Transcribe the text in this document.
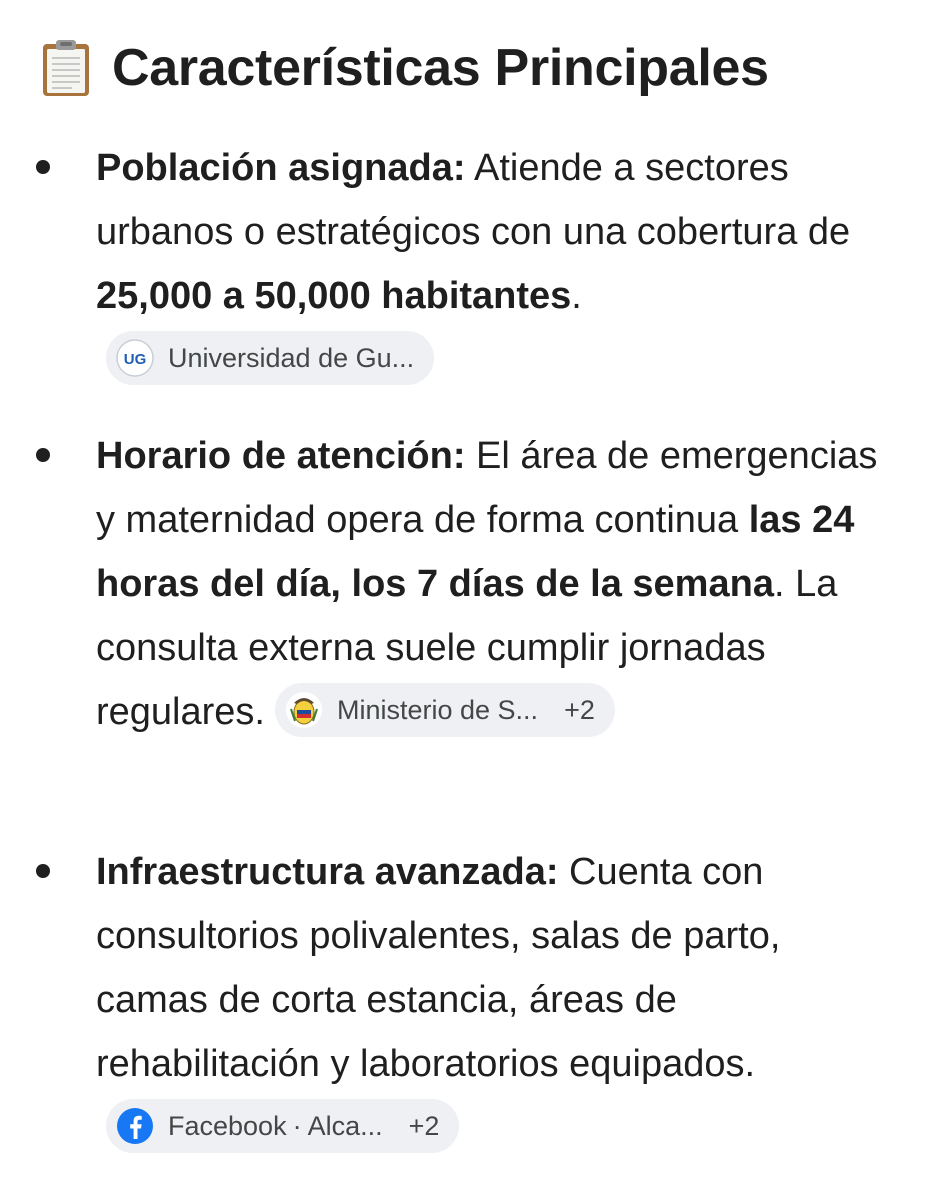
Características Principales
Población asignada: Atiende a sectores urbanos o estratégicos con una cobertura de 25,000 a 50,000 habitantes.
UG Universidad de Gu...
Horario de atención: El área de emergencias y maternidad opera de forma continua las 24 horas del día, los 7 días de la semana. La consulta externa suele cumplir jornadas regulares.	Ministerio de S... +2
Infraestructura avanzada: Cuenta con consultorios polivalentes, salas de parto, camas de corta estancia, áreas de rehabilitación y laboratorios equipados.
Facebook · Alca... +2
